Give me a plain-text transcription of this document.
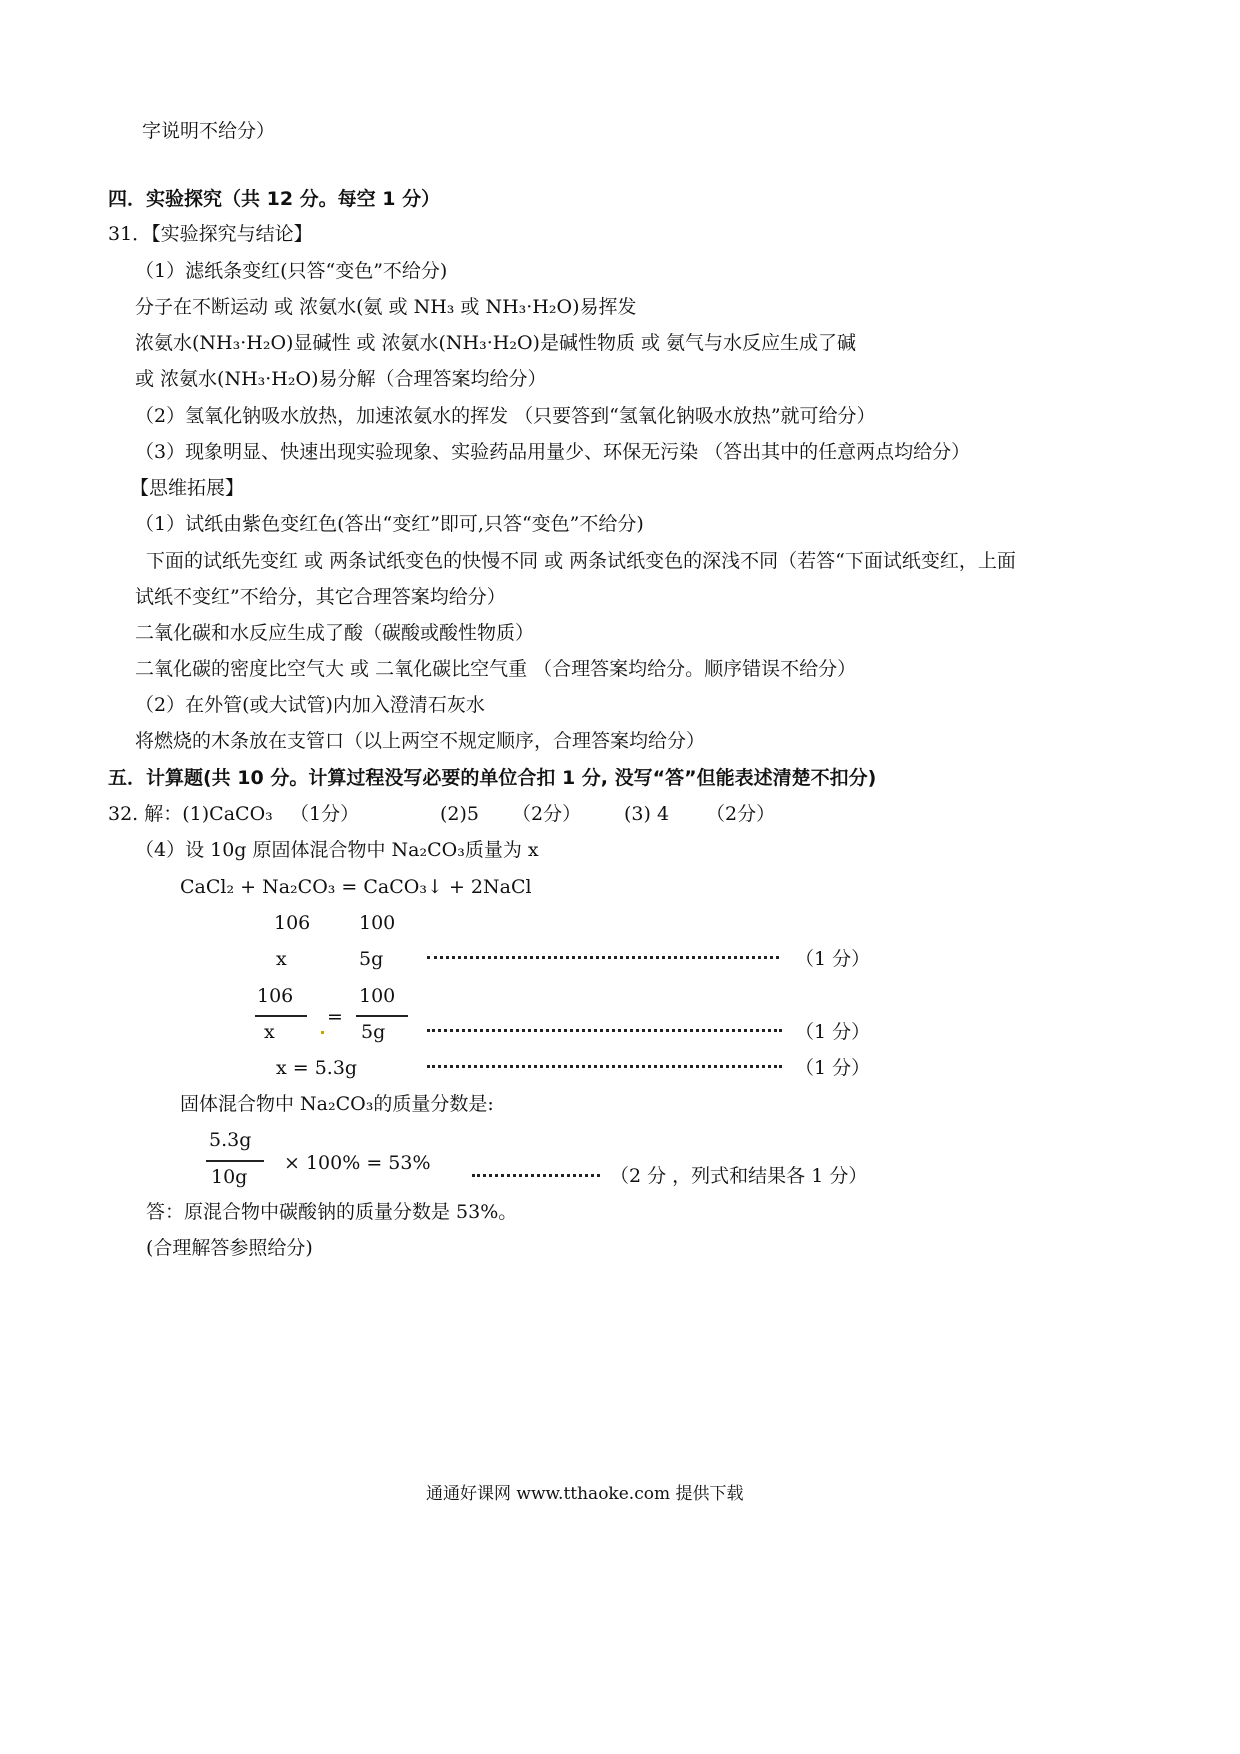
字说明不给分）
四．实验探究（共 12 分。每空 1 分）
31．【实验探究与结论】
（1）滤纸条变红(只答“变色”不给分)
分子在不断运动 或 浓氨水(氨 或 NH₃ 或 NH₃·H₂O)易挥发
浓氨水(NH₃·H₂O)显碱性 或 浓氨水(NH₃·H₂O)是碱性物质 或 氨气与水反应生成了碱
或 浓氨水(NH₃·H₂O)易分解（合理答案均给分）
（2）氢氧化钠吸水放热，加速浓氨水的挥发 （只要答到“氢氧化钠吸水放热”就可给分）
（3）现象明显、快速出现实验现象、实验药品用量少、环保无污染 （答出其中的任意两点均给分）
【思维拓展】
（1）试纸由紫色变红色(答出“变红”即可,只答“变色”不给分)
下面的试纸先变红 或 两条试纸变色的快慢不同 或 两条试纸变色的深浅不同（若答“下面试纸变红，上面
试纸不变红”不给分，其它合理答案均给分）
二氧化碳和水反应生成了酸（碳酸或酸性物质）
二氧化碳的密度比空气大 或 二氧化碳比空气重 （合理答案均给分。顺序错误不给分）
（2）在外管(或大试管)内加入澄清石灰水
将燃烧的木条放在支管口（以上两空不规定顺序，合理答案均给分）
五．计算题(共 10 分。计算过程没写必要的单位合扣 1 分, 没写“答”但能表述清楚不扣分)
32. 解：(1)CaCO₃ （1分）	(2)5 （2分） (3) 4 （2分）
（4）设 10g 原固体混合物中 Na₂CO₃质量为 x
CaCl₂ + Na₂CO₃ = CaCO₃↓ + 2NaCl
106	100
x	5g	（1 分）
106	100
=
x	5g	（1 分）
x = 5.3g	（1 分）
固体混合物中 Na₂CO₃的质量分数是:
5.3g
10g
× 100% = 53%
（2 分 ，列式和结果各 1 分）
答：原混合物中碳酸钠的质量分数是 53%。
(合理解答参照给分)
通通好课网 www.tthaoke.com 提供下载
